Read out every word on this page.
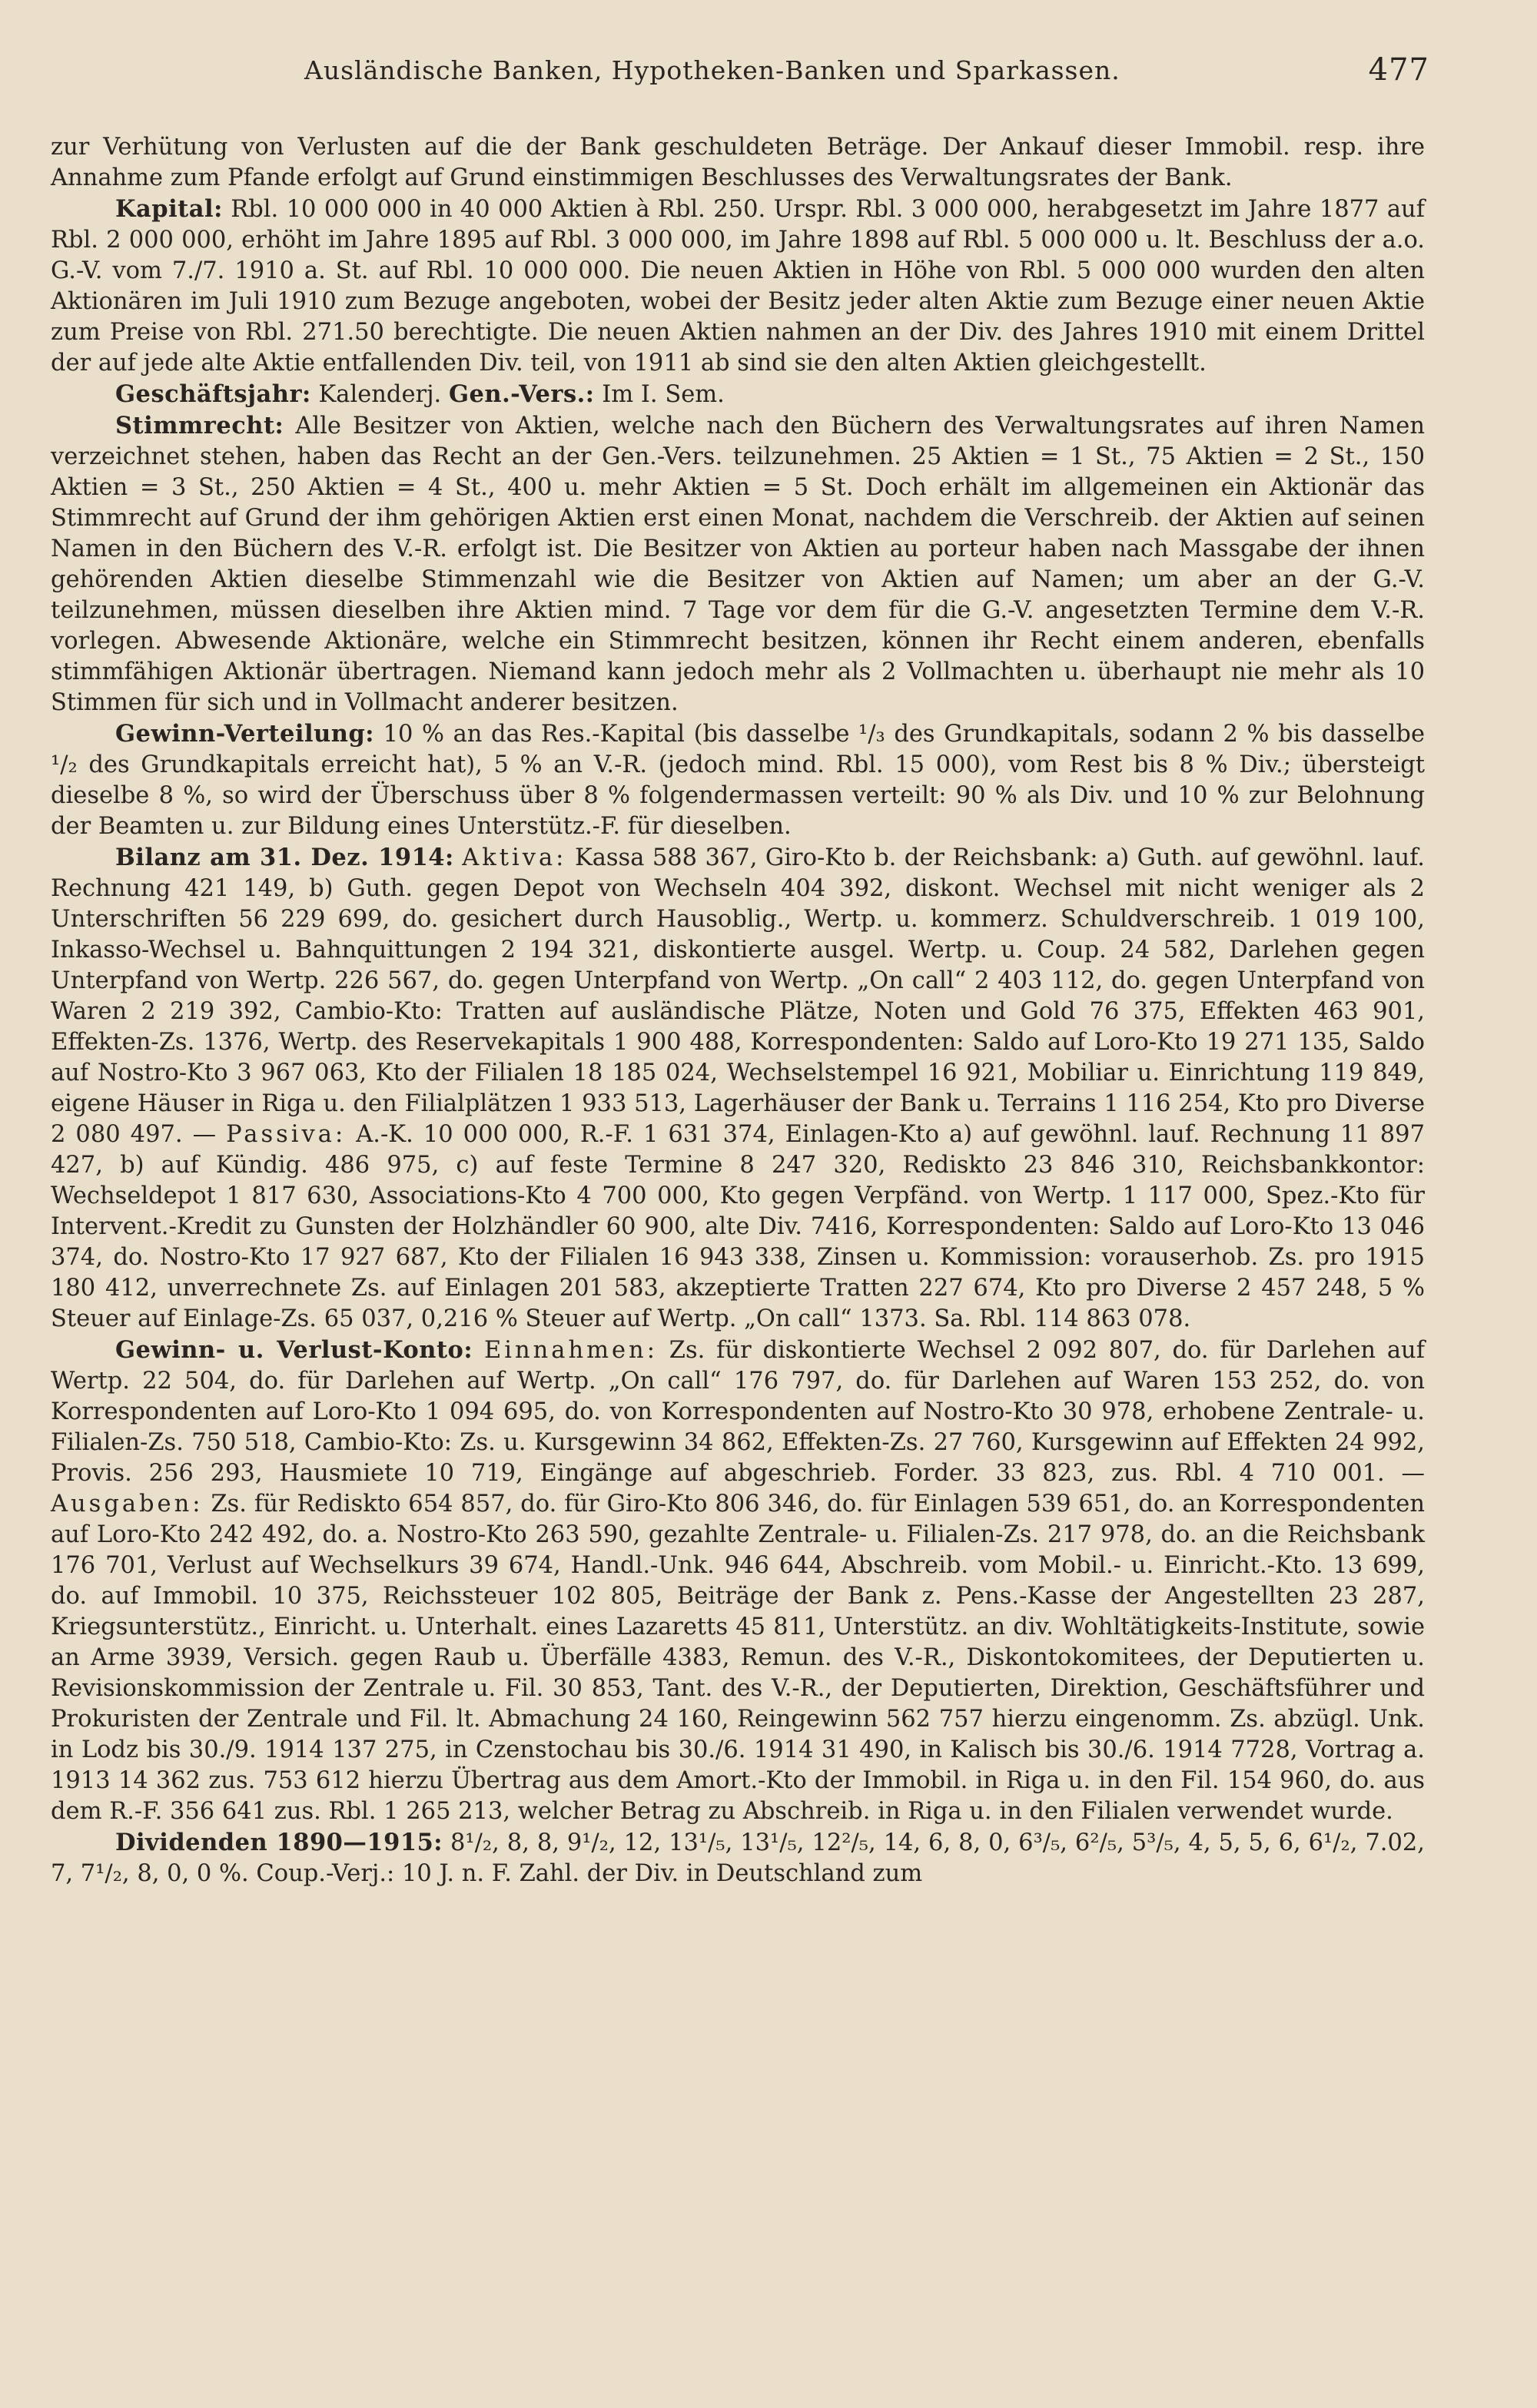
Ausländische Banken, Hypotheken-Banken und Sparkassen.	477

zur Verhütung von Verlusten auf die der Bank geschuldeten Beträge. Der Ankauf dieser Immobil. resp. ihre Annahme zum Pfande erfolgt auf Grund einstimmigen Beschlusses des Verwaltungsrates der Bank.

Kapital: Rbl. 10 000 000 in 40 000 Aktien à Rbl. 250. Urspr. Rbl. 3 000 000, herabgesetzt im Jahre 1877 auf Rbl. 2 000 000, erhöht im Jahre 1895 auf Rbl. 3 000 000, im Jahre 1898 auf Rbl. 5 000 000 u. lt. Beschluss der a.o. G.-V. vom 7./7. 1910 a. St. auf Rbl. 10 000 000. Die neuen Aktien in Höhe von Rbl. 5 000 000 wurden den alten Aktionären im Juli 1910 zum Bezuge angeboten, wobei der Besitz jeder alten Aktie zum Bezuge einer neuen Aktie zum Preise von Rbl. 271.50 berechtigte. Die neuen Aktien nahmen an der Div. des Jahres 1910 mit einem Drittel der auf jede alte Aktie entfallenden Div. teil, von 1911 ab sind sie den alten Aktien gleichgestellt.

Geschäftsjahr: Kalenderj. Gen.-Vers.: Im I. Sem.

Stimmrecht: Alle Besitzer von Aktien, welche nach den Büchern des Verwaltungsrates auf ihren Namen verzeichnet stehen, haben das Recht an der Gen.-Vers. teilzunehmen. 25 Aktien = 1 St., 75 Aktien = 2 St., 150 Aktien = 3 St., 250 Aktien = 4 St., 400 u. mehr Aktien = 5 St. Doch erhält im allgemeinen ein Aktionär das Stimmrecht auf Grund der ihm gehörigen Aktien erst einen Monat, nachdem die Verschreib. der Aktien auf seinen Namen in den Büchern des V.-R. erfolgt ist. Die Besitzer von Aktien au porteur haben nach Massgabe der ihnen gehörenden Aktien dieselbe Stimmenzahl wie die Besitzer von Aktien auf Namen; um aber an der G.-V. teilzunehmen, müssen dieselben ihre Aktien mind. 7 Tage vor dem für die G.-V. angesetzten Termine dem V.-R. vorlegen. Abwesende Aktionäre, welche ein Stimmrecht besitzen, können ihr Recht einem anderen, ebenfalls stimmfähigen Aktionär übertragen. Niemand kann jedoch mehr als 2 Vollmachten u. überhaupt nie mehr als 10 Stimmen für sich und in Vollmacht anderer besitzen.

Gewinn-Verteilung: 10 % an das Res.-Kapital (bis dasselbe ¹/₃ des Grundkapitals, sodann 2 % bis dasselbe ¹/₂ des Grundkapitals erreicht hat), 5 % an V.-R. (jedoch mind. Rbl. 15 000), vom Rest bis 8 % Div.; übersteigt dieselbe 8 %, so wird der Überschuss über 8 % folgendermassen verteilt: 90 % als Div. und 10 % zur Belohnung der Beamten u. zur Bildung eines Unterstütz.-F. für dieselben.

Bilanz am 31. Dez. 1914: Aktiva: Kassa 588 367, Giro-Kto b. der Reichsbank: a) Guth. auf gewöhnl. lauf. Rechnung 421 149, b) Guth. gegen Depot von Wechseln 404 392, diskont. Wechsel mit nicht weniger als 2 Unterschriften 56 229 699, do. gesichert durch Hausoblig., Wertp. u. kommerz. Schuldverschreib. 1 019 100, Inkasso-Wechsel u. Bahnquittungen 2 194 321, diskontierte ausgel. Wertp. u. Coup. 24 582, Darlehen gegen Unterpfand von Wertp. 226 567, do. gegen Unterpfand von Wertp. „On call“ 2 403 112, do. gegen Unterpfand von Waren 2 219 392, Cambio-Kto: Tratten auf ausländische Plätze, Noten und Gold 76 375, Effekten 463 901, Effekten-Zs. 1376, Wertp. des Reservekapitals 1 900 488, Korrespondenten: Saldo auf Loro-Kto 19 271 135, Saldo auf Nostro-Kto 3 967 063, Kto der Filialen 18 185 024, Wechselstempel 16 921, Mobiliar u. Einrichtung 119 849, eigene Häuser in Riga u. den Filialplätzen 1 933 513, Lagerhäuser der Bank u. Terrains 1 116 254, Kto pro Diverse 2 080 497. — Passiva: A.-K. 10 000 000, R.-F. 1 631 374, Einlagen-Kto a) auf gewöhnl. lauf. Rechnung 11 897 427, b) auf Kündig. 486 975, c) auf feste Termine 8 247 320, Rediskto 23 846 310, Reichsbankkontor: Wechseldepot 1 817 630, Associations-Kto 4 700 000, Kto gegen Verpfänd. von Wertp. 1 117 000, Spez.-Kto für Intervent.-Kredit zu Gunsten der Holzhändler 60 900, alte Div. 7416, Korrespondenten: Saldo auf Loro-Kto 13 046 374, do. Nostro-Kto 17 927 687, Kto der Filialen 16 943 338, Zinsen u. Kommission: vorauserhob. Zs. pro 1915 180 412, unverrechnete Zs. auf Einlagen 201 583, akzeptierte Tratten 227 674, Kto pro Diverse 2 457 248, 5 % Steuer auf Einlage-Zs. 65 037, 0,216 % Steuer auf Wertp. „On call“ 1373. Sa. Rbl. 114 863 078.

Gewinn- u. Verlust-Konto: Einnahmen: Zs. für diskontierte Wechsel 2 092 807, do. für Darlehen auf Wertp. 22 504, do. für Darlehen auf Wertp. „On call“ 176 797, do. für Darlehen auf Waren 153 252, do. von Korrespondenten auf Loro-Kto 1 094 695, do. von Korrespondenten auf Nostro-Kto 30 978, erhobene Zentrale- u. Filialen-Zs. 750 518, Cambio-Kto: Zs. u. Kursgewinn 34 862, Effekten-Zs. 27 760, Kursgewinn auf Effekten 24 992, Provis. 256 293, Hausmiete 10 719, Eingänge auf abgeschrieb. Forder. 33 823, zus. Rbl. 4 710 001. — Ausgaben: Zs. für Rediskto 654 857, do. für Giro-Kto 806 346, do. für Einlagen 539 651, do. an Korrespondenten auf Loro-Kto 242 492, do. a. Nostro-Kto 263 590, gezahlte Zentrale- u. Filialen-Zs. 217 978, do. an die Reichsbank 176 701, Verlust auf Wechselkurs 39 674, Handl.-Unk. 946 644, Abschreib. vom Mobil.- u. Einricht.-Kto. 13 699, do. auf Immobil. 10 375, Reichssteuer 102 805, Beiträge der Bank z. Pens.-Kasse der Angestellten 23 287, Kriegsunterstütz., Einricht. u. Unterhalt. eines Lazaretts 45 811, Unterstütz. an div. Wohltätigkeits-Institute, sowie an Arme 3939, Versich. gegen Raub u. Überfälle 4383, Remun. des V.-R., Diskontokomitees, der Deputierten u. Revisionskommission der Zentrale u. Fil. 30 853, Tant. des V.-R., der Deputierten, Direktion, Geschäftsführer und Prokuristen der Zentrale und Fil. lt. Abmachung 24 160, Reingewinn 562 757 hierzu eingenomm. Zs. abzügl. Unk. in Lodz bis 30./9. 1914 137 275, in Czenstochau bis 30./6. 1914 31 490, in Kalisch bis 30./6. 1914 7728, Vortrag a. 1913 14 362 zus. 753 612 hierzu Übertrag aus dem Amort.-Kto der Immobil. in Riga u. in den Fil. 154 960, do. aus dem R.-F. 356 641 zus. Rbl. 1 265 213, welcher Betrag zu Abschreib. in Riga u. in den Filialen verwendet wurde.

Dividenden 1890—1915: 8¹/₂, 8, 8, 9¹/₂, 12, 13¹/₅, 13¹/₅, 12²/₅, 14, 6, 8, 0, 6³/₅, 6²/₅, 5³/₅, 4, 5, 5, 6, 6¹/₂, 7.02, 7, 7¹/₂, 8, 0, 0 %. Coup.-Verj.: 10 J. n. F. Zahl. der Div. in Deutschland zum
